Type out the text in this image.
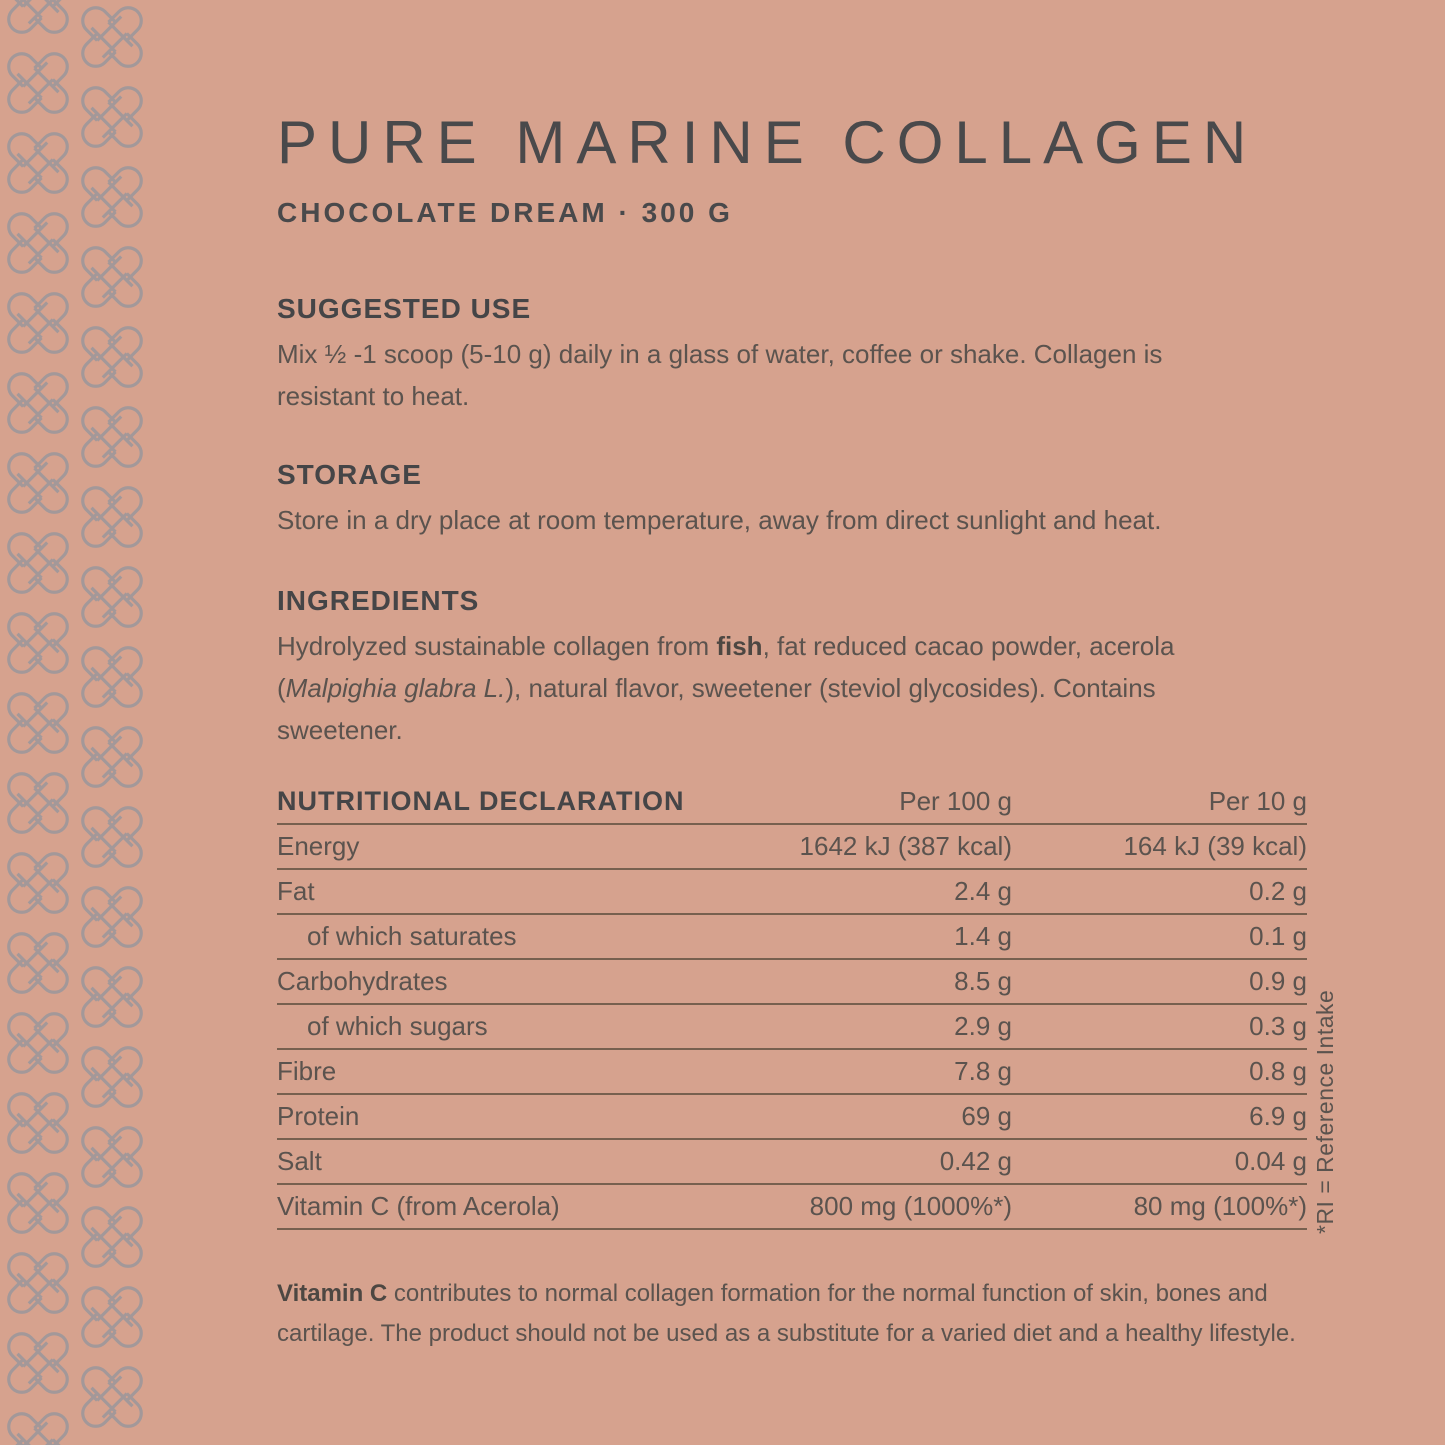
PURE MARINE COLLAGEN
CHOCOLATE DREAM · 300 G
SUGGESTED USE
Mix ½ -1 scoop (5-10 g) daily in a glass of water, coffee or shake. Collagen is
resistant to heat.
STORAGE
Store in a dry place at room temperature, away from direct sunlight and heat.
INGREDIENTS
Hydrolyzed sustainable collagen from fish, fat reduced cacao powder, acerola
(Malpighia glabra L.), natural flavor, sweetener (steviol glycosides). Contains
sweetener.
NUTRITIONAL DECLARATION	Per 100 g	Per 10 g
Energy	1642 kJ (387 kcal)	164 kJ (39 kcal)
Fat	2.4 g	0.2 g
of which saturates	1.4 g	0.1 g
Carbohydrates	8.5 g	0.9 g
of which sugars	2.9 g	0.3 g
Fibre	7.8 g	0.8 g
Protein	69 g	6.9 g
Salt	0.42 g	0.04 g
Vitamin C (from Acerola)	800 mg (1000%*)	80 mg (100%*) *RI = Reference Intake
Vitamin C contributes to normal collagen formation for the normal function of skin, bones and
cartilage. The product should not be used as a substitute for a varied diet and a healthy lifestyle.
